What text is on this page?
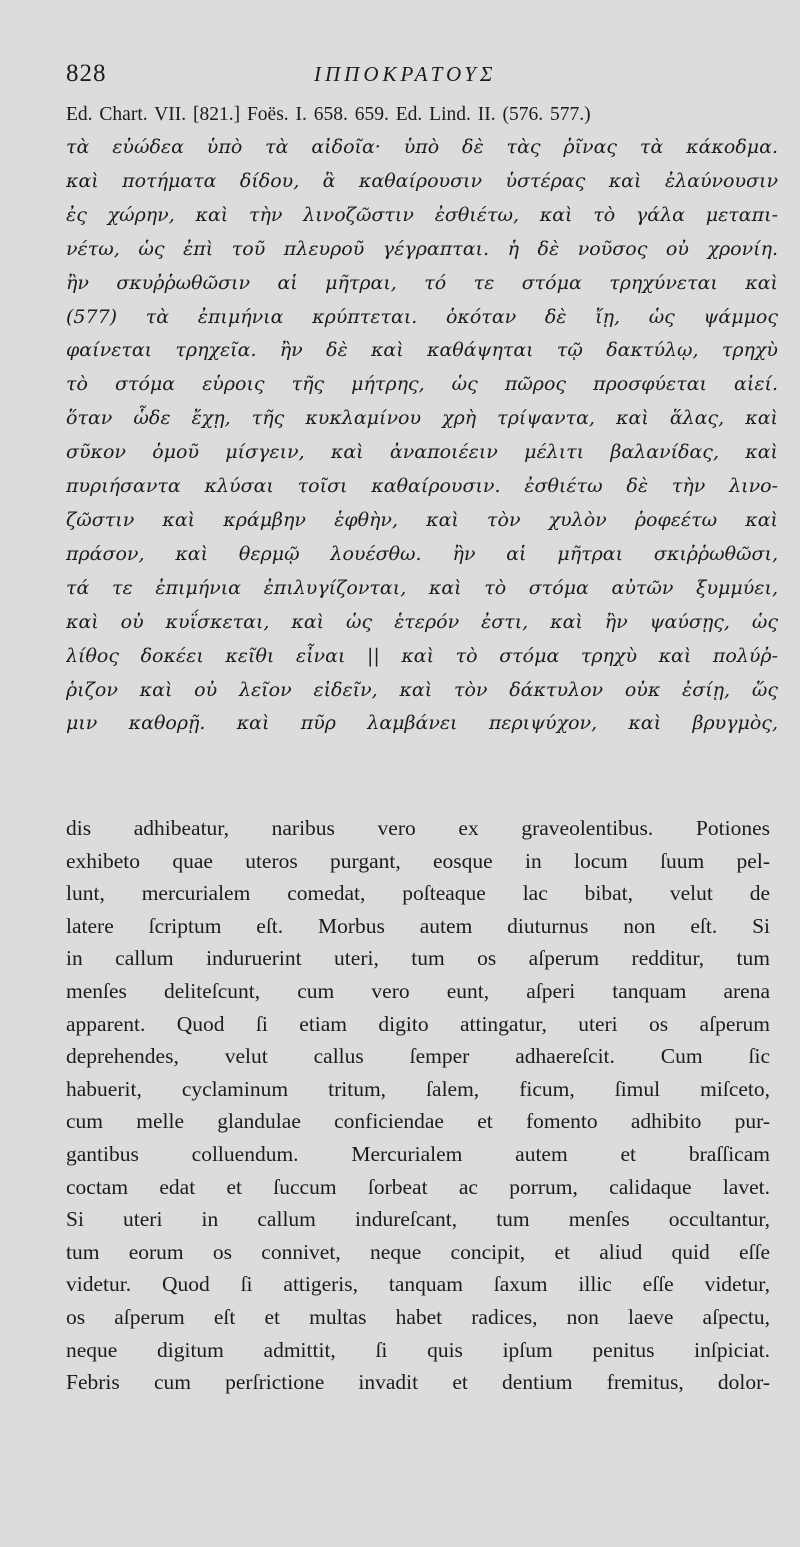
828	ΙΠΠΟΚΡΑΤΟΥΣ
Ed. Chart. VII. [821.] Foës. I. 658. 659. Ed. Lind. II. (576. 577.)
τὰ εὐώδεα ὑπὸ τὰ αἰδοῖα· ὑπὸ δὲ τὰς ῥῖνας τὰ κάκοδμα.
καὶ ποτήματα δίδου, ἃ καθαίρουσιν ὑστέρας καὶ ἐλαύνουσιν
ἐς χώρην, καὶ τὴν λινοζῶστιν ἐσθιέτω, καὶ τὸ γάλα μεταπι-
νέτω, ὡς ἐπὶ τοῦ πλευροῦ γέγραπται. ἡ δὲ νοῦσος οὐ χρονίη.
ἢν σκυῤῥωθῶσιν αἱ μῆτραι, τό τε στόμα τρηχύνεται καὶ
(577) τὰ ἐπιμήνια κρύπτεται. ὁκόταν δὲ ἴῃ, ὡς ψάμμος
φαίνεται τρηχεῖα. ἢν δὲ καὶ καθάψηται τῷ δακτύλῳ, τρηχὺ
τὸ στόμα εὑροις τῆς μήτρης, ὡς πῶρος προσφύεται αἰεί.
ὅταν ὧδε ἔχῃ, τῆς κυκλαμίνου χρὴ τρίψαντα, καὶ ἅλας, καὶ
σῦκον ὁμοῦ μίσγειν, καὶ ἀναποιέειν μέλιτι βαλανίδας, καὶ
πυριήσαντα κλύσαι τοῖσι καθαίρουσιν. ἐσθιέτω δὲ τὴν λινο-
ζῶστιν καὶ κράμβην ἑφθὴν, καὶ τὸν χυλὸν ῥοφεέτω καὶ
πράσον, καὶ θερμῷ λουέσθω. ἢν αἱ μῆτραι σκιῤῥωθῶσι,
τά τε ἐπιμήνια ἐπιλυγίζονται, καὶ τὸ στόμα αὐτῶν ξυμμύει,
καὶ οὐ κυΐσκεται, καὶ ὡς ἑτερόν ἐστι, καὶ ἢν ψαύσῃς, ὡς
λίθος δοκέει κεῖθι εἶναι || καὶ τὸ στόμα τρηχὺ καὶ πολύῤ-
ῥιζον καὶ οὐ λεῖον εἰδεῖν, καὶ τὸν δάκτυλον οὐκ ἐσίῃ, ὥς
μιν καθορῇ. καὶ πῦρ λαμβάνει περιψύχον, καὶ βρυγμὸς,
dis adhibeatur, naribus vero ex graveolentibus. Potiones
exhibeto quae uteros purgant, eosque in locum ſuum pel-
lunt, mercurialem comedat, poſteaque lac bibat, velut de
latere ſcriptum eſt. Morbus autem diuturnus non eſt. Si
in callum induruerint uteri, tum os aſperum redditur, tum
menſes deliteſcunt, cum vero eunt, aſperi tanquam arena
apparent. Quod ſi etiam digito attingatur, uteri os aſperum
deprehendes, velut callus ſemper adhaereſcit. Cum ſic
habuerit, cyclaminum tritum, ſalem, ficum, ſimul miſceto,
cum melle glandulae conficiendae et fomento adhibito pur-
gantibus colluendum. Mercurialem autem et braſſicam
coctam edat et ſuccum ſorbeat ac porrum, calidaque lavet.
Si uteri in callum indureſcant, tum menſes occultantur,
tum eorum os connivet, neque concipit, et aliud quid eſſe
videtur. Quod ſi attigeris, tanquam ſaxum illic eſſe videtur,
os aſperum eſt et multas habet radices, non laeve aſpectu,
neque digitum admittit, ſi quis ipſum penitus inſpiciat.
Febris cum perſrictione invadit et dentium fremitus, dolor-
